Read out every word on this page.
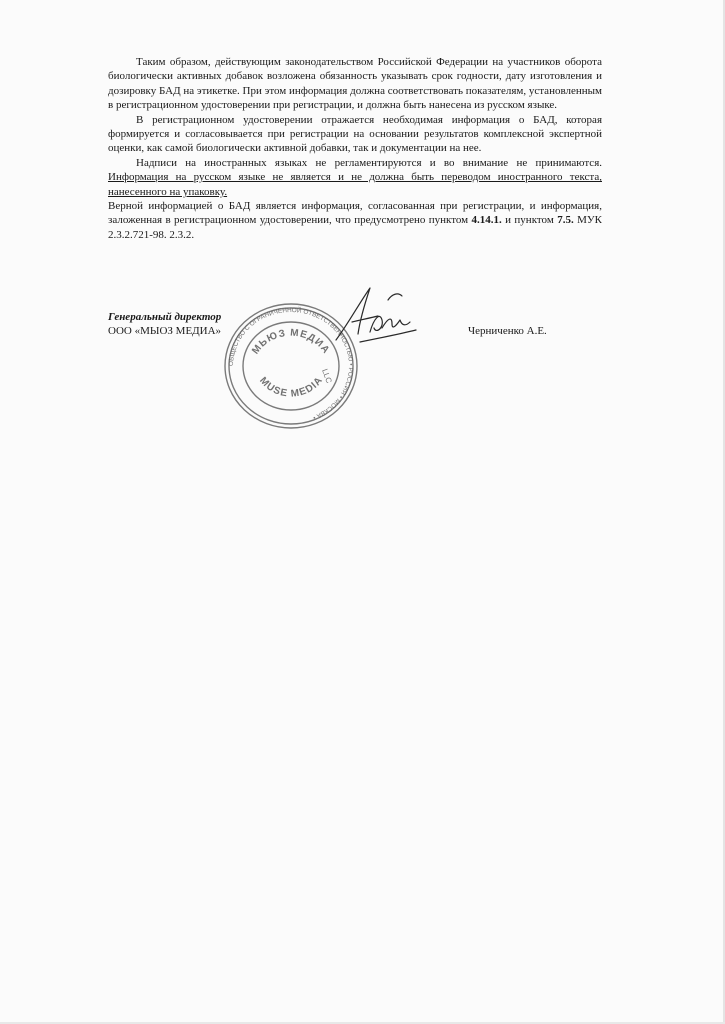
Таким образом, действующим законодательством Российской Федерации на участников оборота биологически активных добавок возложена обязанность указывать срок годности, дату изготовления и дозировку БАД на этикетке. При этом информация должна соответствовать показателям, установленным в регистрационном удостоверении при регистрации, и должна быть нанесена из русском языке.

В регистрационном удостоверении отражается необходимая информация о БАД, которая формируется и согласовывается при регистрации на основании результатов комплексной экспертной оценки, как самой биологически активной добавки, так и документации на нее.

Надписи на иностранных языках не регламентируются и во внимание не принимаются. Информация на русском языке не является и не должна быть переводом иностранного текста, нанесенного на упаковку.

Верной информацией о БАД является информация, согласованная при регистрации, и информация, заложенная в регистрационном удостоверении, что предусмотрено пунктом 4.14.1. и пунктом 7.5. МУК 2.3.2.721-98. 2.3.2.

Генеральный директор
ООО «МЫОЗ МЕДИА»	Черниченко А.Е.
ОБЩЕСТВО С ОГРАНИЧЕННОЙ ОТВЕТСТВЕННОСТЬЮ • РОССИЯ • МОСКВА •
МЬЮЗ МЕДИА
MUSE MEDIA
LLC
